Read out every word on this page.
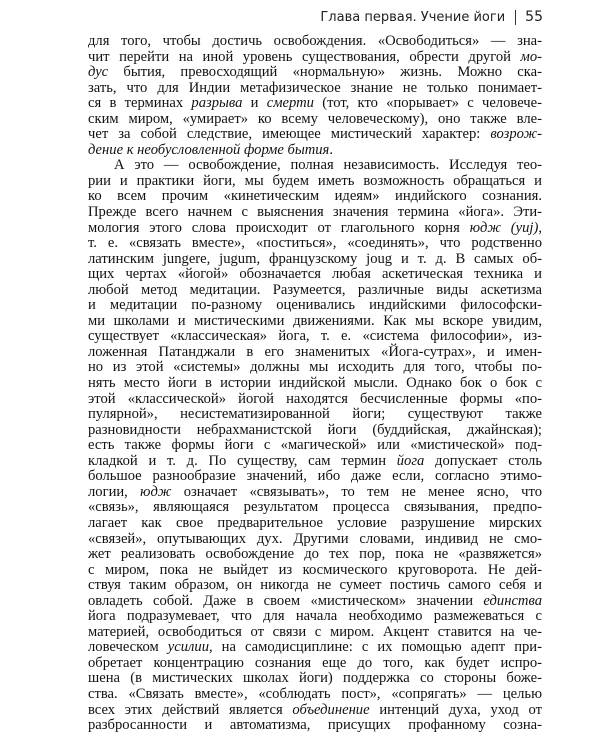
Глава первая. Учение йоги 55
для того, чтобы достичь освобождения. «Освободиться» — зна-
чит перейти на иной уровень существования, обрести другой мо-
дус бытия, превосходящий «нормальную» жизнь. Можно ска-
зать, что для Индии метафизическое знание не только понимает-
ся в терминах разрыва и смерти (тот, кто «порывает» с человече-
ским миром, «умирает» ко всему человеческому), оно также вле-
чет за собой следствие, имеющее мистический характер: возрож-
дение к необусловленной форме бытия.
А это — освобождение, полная независимость. Исследуя тео-
рии и практики йоги, мы будем иметь возможность обращаться и
ко всем прочим «кинетическим идеям» индийского сознания.
Прежде всего начнем с выяснения значения термина «йога». Эти-
мология этого слова происходит от глагольного корня юдж (yuj),
т. е. «связать вместе», «поститься», «соединять», что родственно
латинским jungere, jugum, французскому joug и т. д. В самых об-
щих чертах «йогой» обозначается любая аскетическая техника и
любой метод медитации. Разумеется, различные виды аскетизма
и медитации по-разному оценивались индийскими философски-
ми школами и мистическими движениями. Как мы вскоре увидим,
существует «классическая» йога, т. е. «система философии», из-
ложенная Патанджали в его знаменитых «Йога-сутрах», и имен-
но из этой «системы» должны мы исходить для того, чтобы по-
нять место йоги в истории индийской мысли. Однако бок о бок с
этой «классической» йогой находятся бесчисленные формы «по-
пулярной», несистематизированной йоги; существуют также
разновидности небрахманистской йоги (буддийская, джайнская);
есть также формы йоги с «магической» или «мистической» под-
кладкой и т. д. По существу, сам термин йога допускает столь
большое разнообразие значений, ибо даже если, согласно этимо-
логии, юдж означает «связывать», то тем не менее ясно, что
«связь», являющаяся результатом процесса связывания, предпо-
лагает как свое предварительное условие разрушение мирских
«связей», опутывающих дух. Другими словами, индивид не смо-
жет реализовать освобождение до тех пор, пока не «развяжется»
с миром, пока не выйдет из космического круговорота. Не дей-
ствуя таким образом, он никогда не сумеет постичь самого себя и
овладеть собой. Даже в своем «мистическом» значении единства
йога подразумевает, что для начала необходимо размежеваться с
материей, освободиться от связи с миром. Акцент ставится на че-
ловеческом усилии, на самодисциплине: с их помощью адепт при-
обретает концентрацию сознания еще до того, как будет испро-
шена (в мистических школах йоги) поддержка со стороны боже-
ства. «Связать вместе», «соблюдать пост», «сопрягать» — целью
всех этих действий является объединение интенций духа, уход от
разбросанности и автоматизма, присущих профанному созна-
